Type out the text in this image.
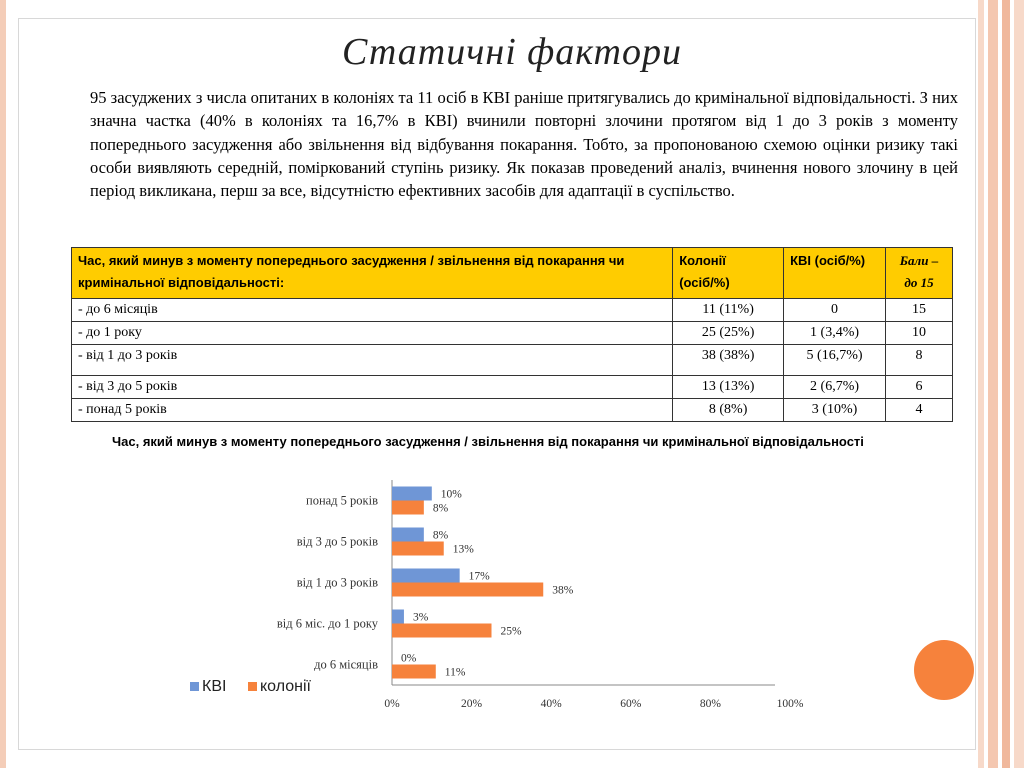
Статичні фактори
95 засуджених з числа опитаних в колоніях та 11 осіб в КВІ раніше притягувались до кримінальної відповідальності. З них значна частка (40% в колоніях та 16,7% в КВІ) вчинили повторні злочини протягом від 1 до 3 років з моменту попереднього засудження або звільнення від відбування покарання. Тобто, за пропонованою схемою оцінки ризику такі особи виявляють середній, поміркований ступінь ризику. Як показав проведений аналіз, вчинення нового злочину в цей період викликана, перш за все, відсутністю ефективних засобів для адаптації в суспільство.
Час, який минув з моменту попереднього засудження / звільнення від покарання чи кримінальної відповідальності:	Колонії (осіб/%)	КВІ (осіб/%)	Бали – до 15
- до 6 місяців	11 (11%)	0	15
- до 1 року	25 (25%)	1 (3,4%)	10
- від 1 до 3 років	38 (38%)	5 (16,7%)	8
- від 3 до 5 років	13 (13%)	2 (6,7%)	6
- понад 5 років	8 (8%)	3 (10%)	4
Час, який минув з моменту попереднього засудження / звільнення від покарання чи кримінальної відповідальності
до 6 місяців 0%
11%
від 6 міс. до 1 року	3%
25%
від 1 до 3 років	17%
38%
від 3 до 5 років	8%
13%
понад 5 років	10%
8%
0%	20%	40%	60%	80%	100%
КВІ колонії
